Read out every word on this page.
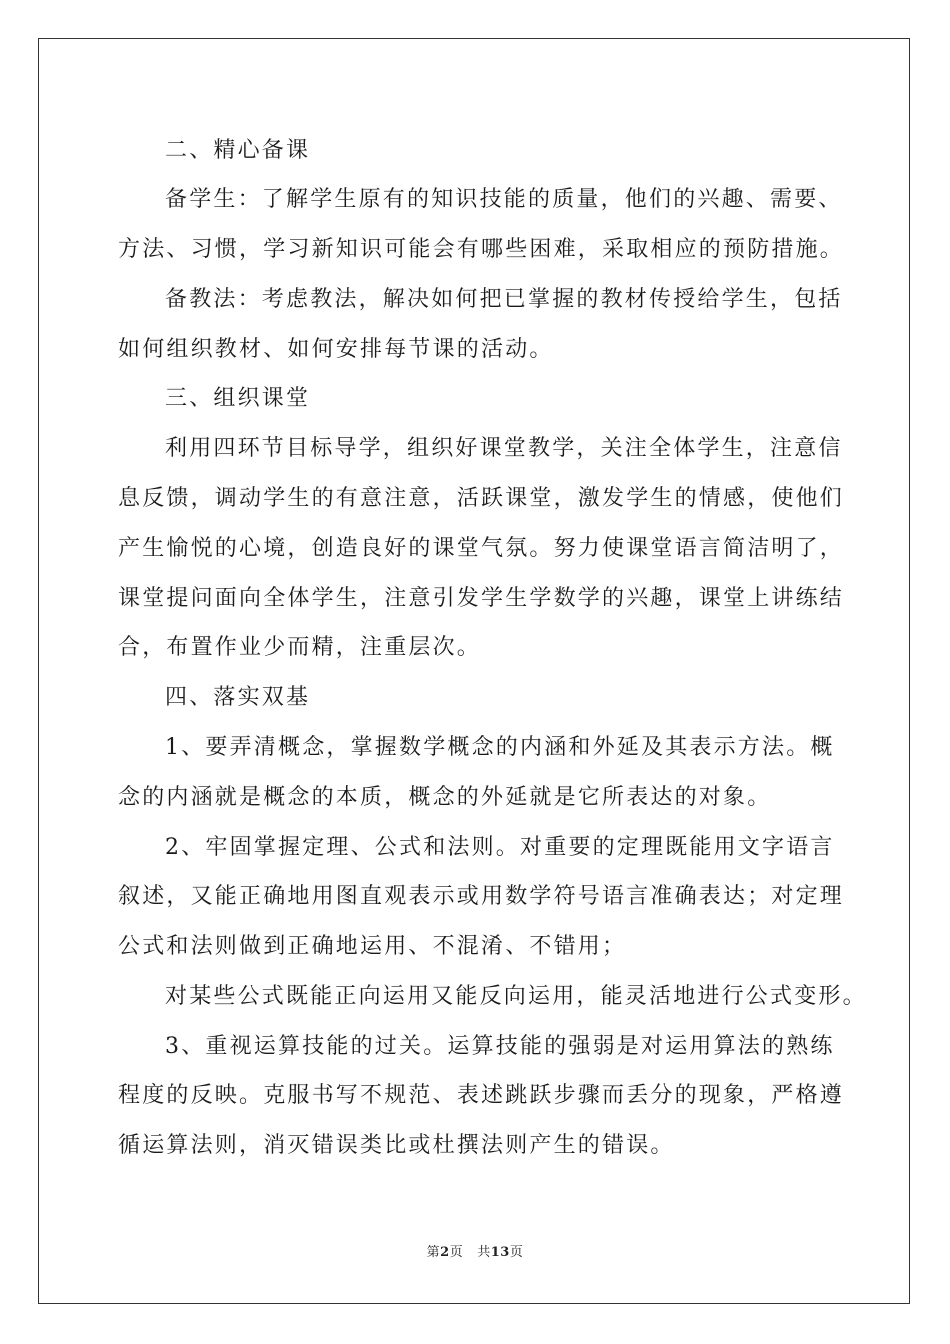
二、精心备课
备学生：了解学生原有的知识技能的质量，他们的兴趣、需要、
方法、习惯，学习新知识可能会有哪些困难，采取相应的预防措施。
备教法：考虑教法，解决如何把已掌握的教材传授给学生，包括
如何组织教材、如何安排每节课的活动。
三、组织课堂
利用四环节目标导学，组织好课堂教学，关注全体学生，注意信
息反馈，调动学生的有意注意，活跃课堂，激发学生的情感，使他们
产生愉悦的心境，创造良好的课堂气氛。努力使课堂语言简洁明了，
课堂提问面向全体学生，注意引发学生学数学的兴趣，课堂上讲练结
合，布置作业少而精，注重层次。
四、落实双基
1、要弄清概念，掌握数学概念的内涵和外延及其表示方法。概
念的内涵就是概念的本质，概念的外延就是它所表达的对象。
2、牢固掌握定理、公式和法则。对重要的定理既能用文字语言
叙述，又能正确地用图直观表示或用数学符号语言准确表达；对定理
公式和法则做到正确地运用、不混淆、不错用；
对某些公式既能正向运用又能反向运用，能灵活地进行公式变形。
3、重视运算技能的过关。运算技能的强弱是对运用算法的熟练
程度的反映。克服书写不规范、表述跳跃步骤而丢分的现象，严格遵
循运算法则，消灭错误类比或杜撰法则产生的错误。
第2页 共13页
